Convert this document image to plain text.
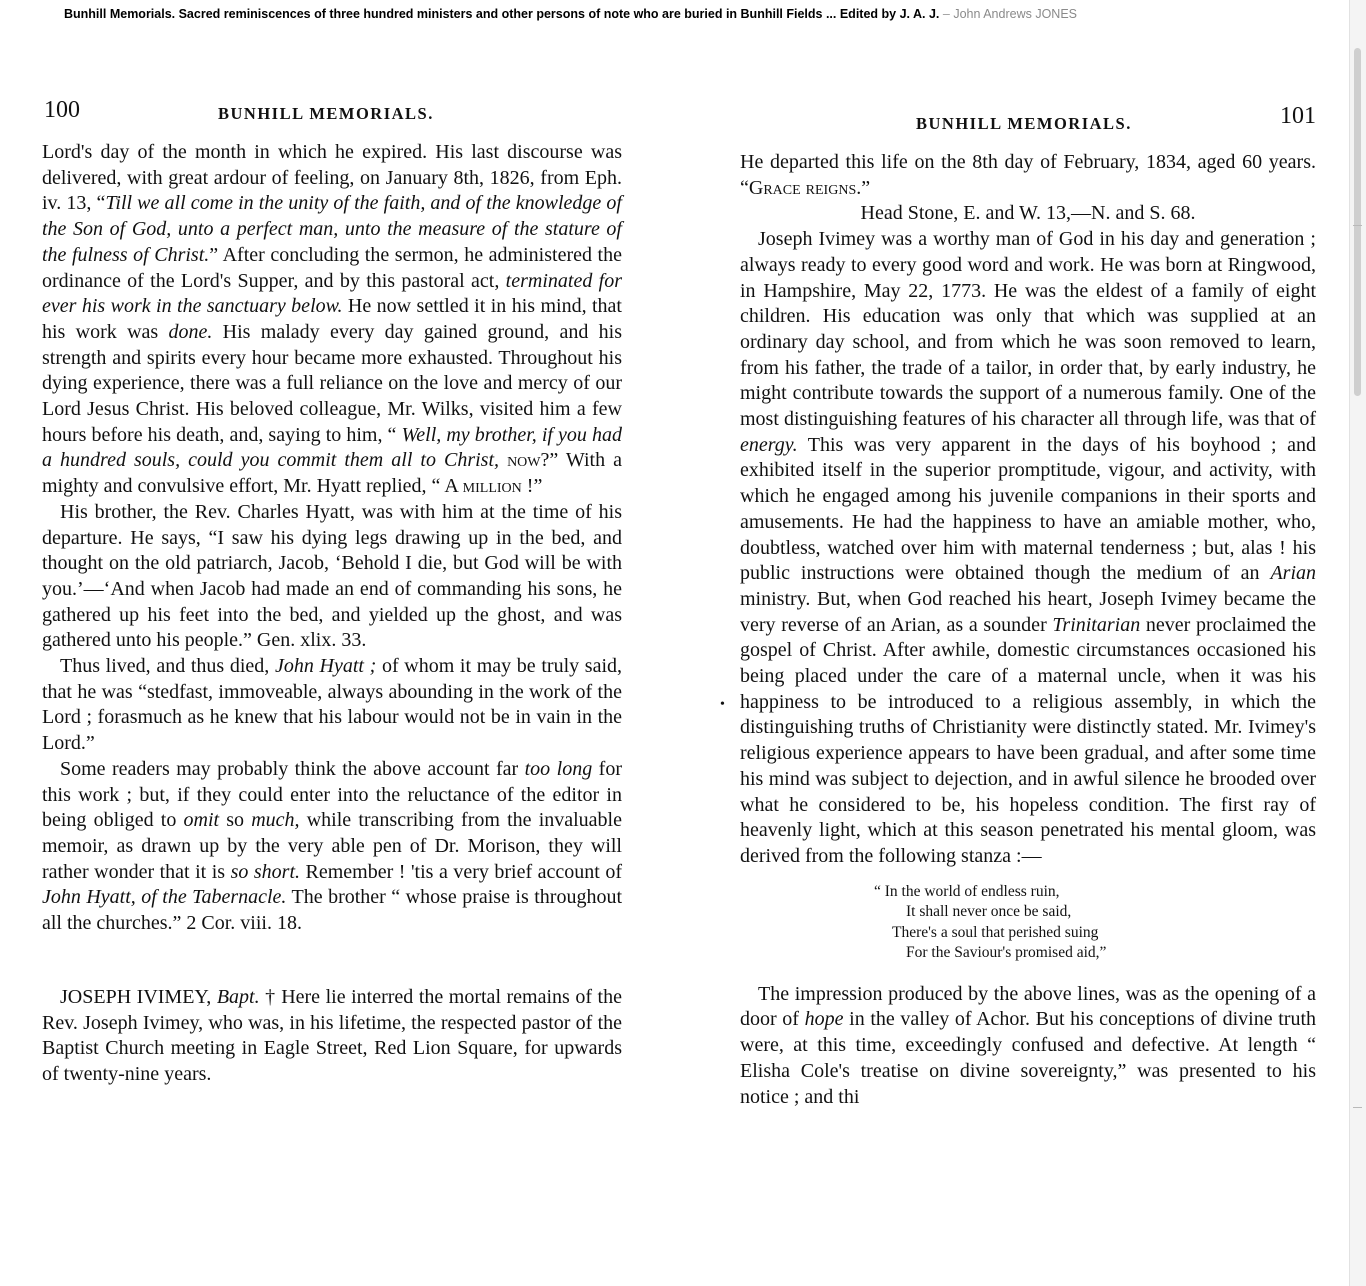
Bunhill Memorials. Sacred reminiscences of three hundred ministers and other persons of note who are buried in Bunhill Fields ... Edited by J. A. J. – John Andrews JONES
100	BUNHILL MEMORIALS.

Lord's day of the month in which he expired. His last discourse was delivered, with great ardour of feeling, on January 8th, 1826, from Eph. iv. 13, “Till we all come in the unity of the faith, and of the knowledge of the Son of God, unto a perfect man, unto the measure of the stature of the fulness of Christ.” After concluding the sermon, he administered the ordinance of the Lord's Supper, and by this pastoral act, terminated for ever his work in the sanctuary below. He now settled it in his mind, that his work was done. His malady every day gained ground, and his strength and spirits every hour became more exhausted. Throughout his dying experience, there was a full reliance on the love and mercy of our Lord Jesus Christ. His beloved colleague, Mr. Wilks, visited him a few hours before his death, and, saying to him, “ Well, my brother, if you had a hundred souls, could you commit them all to Christ, now?” With a mighty and convulsive effort, Mr. Hyatt replied, “ A million !”

His brother, the Rev. Charles Hyatt, was with him at the time of his departure. He says, “I saw his dying legs drawing up in the bed, and thought on the old patriarch, Jacob, ‘Behold I die, but God will be with you.’—‘And when Jacob had made an end of commanding his sons, he gathered up his feet into the bed, and yielded up the ghost, and was gathered unto his people.” Gen. xlix. 33.

Thus lived, and thus died, John Hyatt ; of whom it may be truly said, that he was “stedfast, immoveable, always abounding in the work of the Lord ; forasmuch as he knew that his labour would not be in vain in the Lord.”

Some readers may probably think the above account far too long for this work ; but, if they could enter into the reluctance of the editor in being obliged to omit so much, while transcribing from the invaluable memoir, as drawn up by the very able pen of Dr. Morison, they will rather wonder that it is so short. Remember ! 'tis a very brief account of John Hyatt, of the Tabernacle. The brother “ whose praise is throughout all the churches.” 2 Cor. viii. 18.

JOSEPH IVIMEY, Bapt. † Here lie interred the mortal remains of the Rev. Joseph Ivimey, who was, in his lifetime, the respected pastor of the Baptist Church meeting in Eagle Street, Red Lion Square, for upwards of twenty-nine years.

BUNHILL MEMORIALS.	101

He departed this life on the 8th day of February, 1834, aged 60 years. “Grace reigns.”

Head Stone, E. and W. 13,—N. and S. 68.

Joseph Ivimey was a worthy man of God in his day and generation ; always ready to every good word and work. He was born at Ringwood, in Hampshire, May 22, 1773. He was the eldest of a family of eight children. His education was only that which was supplied at an ordinary day school, and from which he was soon removed to learn, from his father, the trade of a tailor, in order that, by early industry, he might contribute towards the support of a numerous family. One of the most distinguishing features of his character all through life, was that of energy. This was very apparent in the days of his boyhood ; and exhibited itself in the superior promptitude, vigour, and activity, with which he engaged among his juvenile companions in their sports and amusements. He had the happiness to have an amiable mother, who, doubtless, watched over him with maternal tenderness ; but, alas ! his public instructions were obtained though the medium of an Arian ministry. But, when God reached his heart, Joseph Ivimey became the very reverse of an Arian, as a sounder Trinitarian never proclaimed the gospel of Christ. After awhile, domestic circumstances occasioned his being placed under the care of a maternal uncle, when it was his happiness to be introduced to a religious assembly, in which the distinguishing truths of Christianity were distinctly stated. Mr. Ivimey's religious experience appears to have been gradual, and after some time his mind was subject to dejection, and in awful silence he brooded over what he considered to be, his hopeless condition. The first ray of heavenly light, which at this season penetrated his mental gloom, was derived from the following stanza :—

“ In the world of endless ruin,
It shall never once be said,
There's a soul that perished suing
For the Saviour's promised aid,”

The impression produced by the above lines, was as the opening of a door of hope in the valley of Achor. But his conceptions of divine truth were, at this time, exceedingly confused and defective. At length “ Elisha Cole's treatise on divine sovereignty,” was presented to his notice ; and thi

•
